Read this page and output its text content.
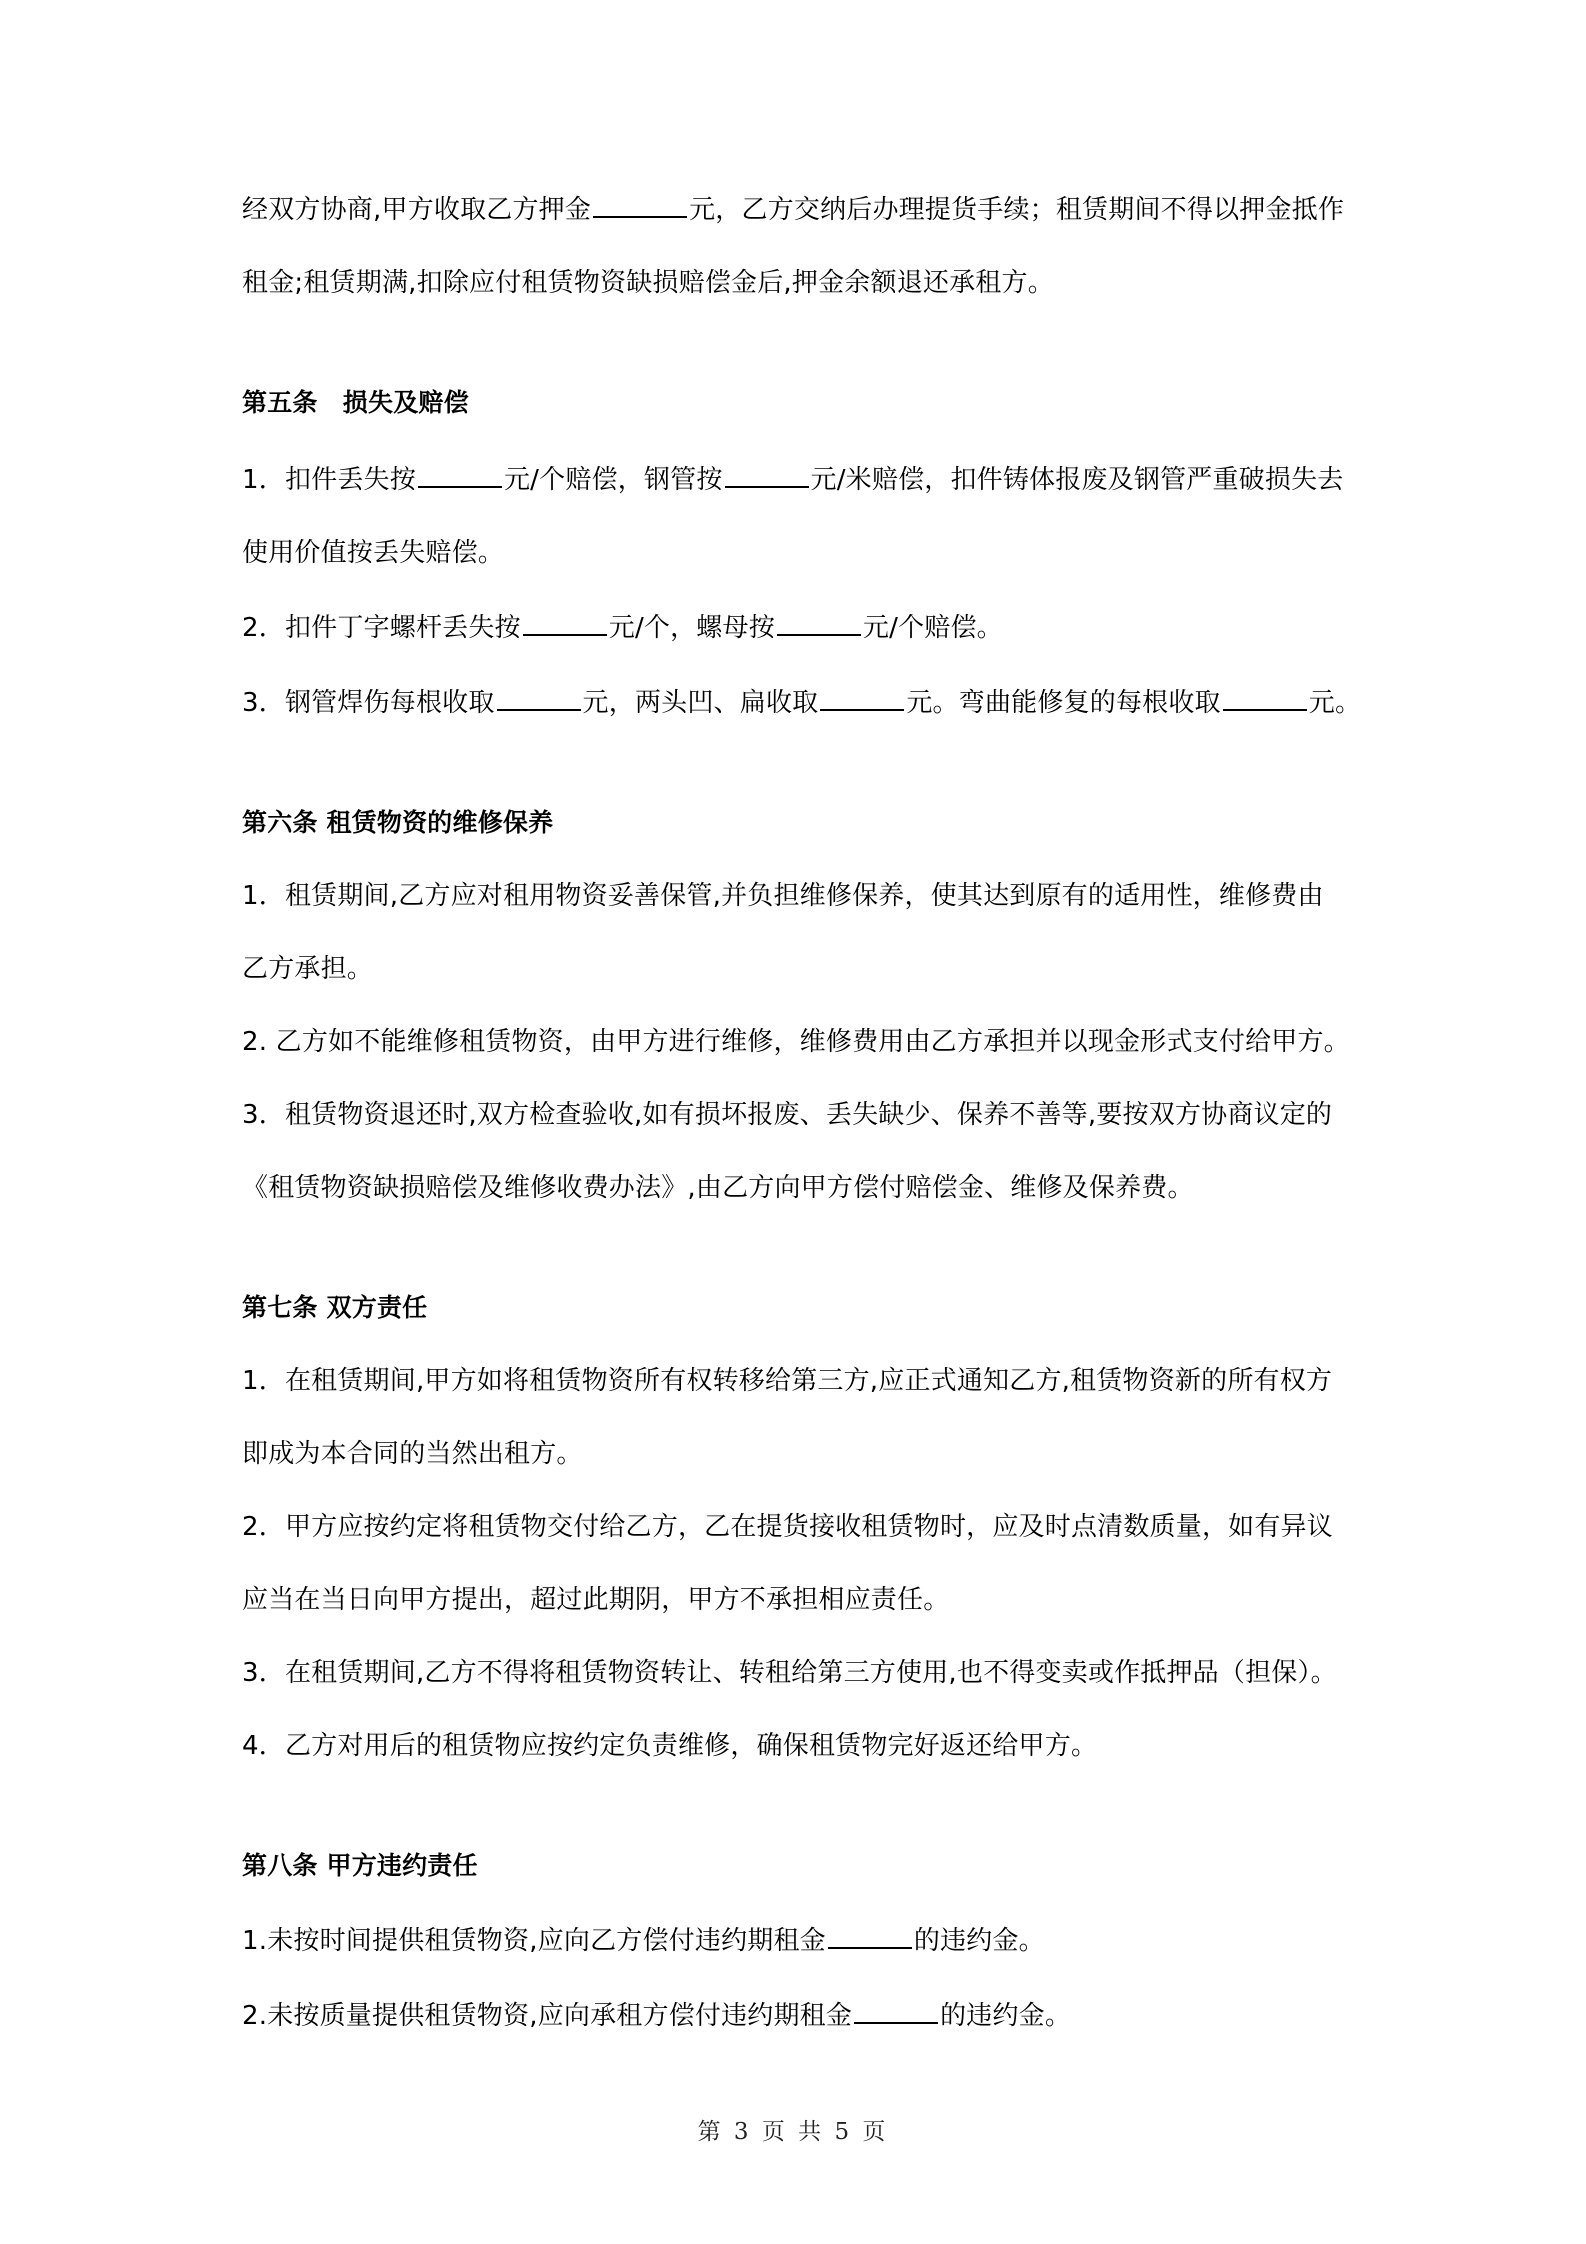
经双方协商,甲方收取乙方押金	元，乙方交纳后办理提货手续；租赁期间不得以押金抵作

租金;租赁期满,扣除应付租赁物资缺损赔偿金后,押金余额退还承租方。

第五条　损失及赔偿

1．扣件丢失按	元/个赔偿，钢管按	元/米赔偿，扣件铸体报废及钢管严重破损失去

使用价值按丢失赔偿。

2．扣件丁字螺杆丢失按	元/个，螺母按	元/个赔偿。

3．钢管焊伤每根收取	元，两头凹、扁收取	元。弯曲能修复的每根收取	元。

第六条 租赁物资的维修保养

1．租赁期间,乙方应对租用物资妥善保管,并负担维修保养，使其达到原有的适用性，维修费由

乙方承担。

2. 乙方如不能维修租赁物资，由甲方进行维修，维修费用由乙方承担并以现金形式支付给甲方。

3．租赁物资退还时,双方检查验收,如有损坏报废、丢失缺少、保养不善等,要按双方协商议定的

《租赁物资缺损赔偿及维修收费办法》,由乙方向甲方偿付赔偿金、维修及保养费。

第七条 双方责任

1．在租赁期间,甲方如将租赁物资所有权转移给第三方,应正式通知乙方,租赁物资新的所有权方

即成为本合同的当然出租方。

2．甲方应按约定将租赁物交付给乙方，乙在提货接收租赁物时，应及时点清数质量，如有异议

应当在当日向甲方提出，超过此期阴，甲方不承担相应责任。

3．在租赁期间,乙方不得将租赁物资转让、转租给第三方使用,也不得变卖或作抵押品（担保）。

4．乙方对用后的租赁物应按约定负责维修，确保租赁物完好返还给甲方。

第八条 甲方违约责任

1.未按时间提供租赁物资,应向乙方偿付违约期租金	的违约金。

2.未按质量提供租赁物资,应向承租方偿付违约期租金	的违约金。

第 3 页 共 5 页
